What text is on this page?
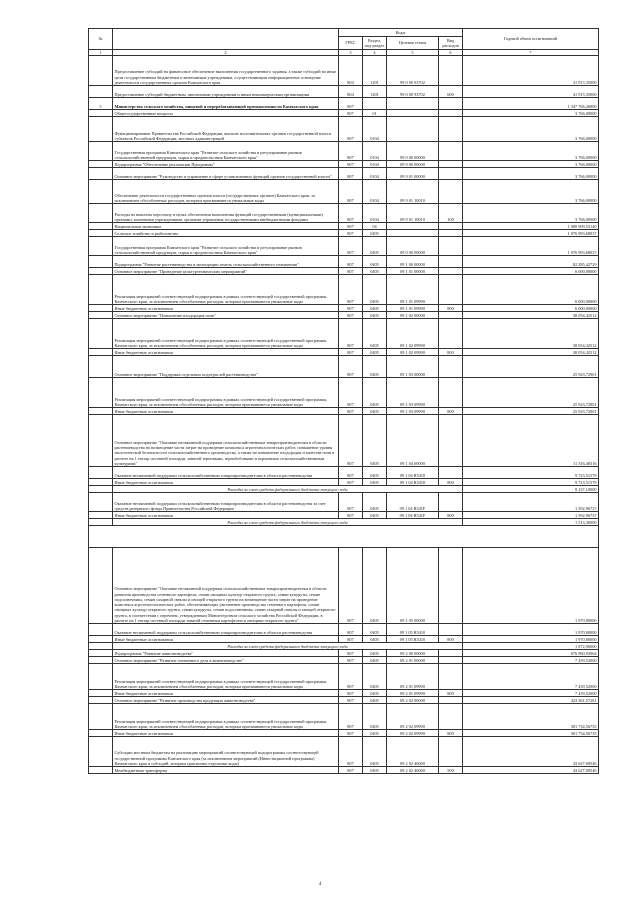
№		Коды				Годовой объем ассигнований
		ГРБС	Раздел, под-раздел	Целевая статья	Вид расходов	
1	2	3	4	5	6	7
	Предоставление субсидий на финансовое обеспечение выполнения государственного задания, а также субсидий на иные цели государственным бюджетным и автономным учреждениям, осуществляющим информационное освещение деятельности государственных органов Камчатского края	804	1201	99 0 00 93702		41 915,35000
	Предоставление субсидий бюджетным, автономным учреждениям и иным некоммерческим организациям	804	1201	99 0 00 93702	600	41 915,35000
5	Министерство сельского хозяйства, пищевой и перерабатывающей промышленности Камчатского края	807				1 347 766,26800
	Общегосударственные вопросы	807	01			3 766,00000
	Функционирование Правительства Российской Федерации, высших исполнительных органов государственной власти субъектов Российской Федерации, местных администраций	807	0104			3 766,00000
	Государственная программа Камчатского края "Развитие сельского хозяйства и регулирование рынков сельскохозяйственной продукции, сырья и продовольствия Камчатского края"	807	0104	09 0 00 00000		3 766,00000
	Подпрограмма "Обеспечение реализации Программы"	807	0104	09 9 00 00000		3 766,00000
	Основное мероприятие "Руководство и управление в сфере установленных функций органов государственной власти"	807	0104	09 9 01 00000		3 766,00000
	Обеспечение деятельности государственных органов власти (государственных органов) Камчатского края, за исключением обособленных расходов, которым присваиваются уникальные коды	807	0104	09 9 01 10010		3 766,00000
	Расходы на выплаты персоналу в целях обеспечения выполнения функций государственными (муниципальными) органами, казенными учреждениями, органами управления государственными внебюджетными фондами	807	0104	09 9 01 10010	100	3 766,00000
	Национальная экономика	807	04			1 080 909,53140
	Сельское хозяйство и рыболовство	807	0405			1 076 993,68037
	Государственная программа Камчатского края "Развитие сельского хозяйства и регулирование рынков сельскохозяйственной продукции, сырья и продовольствия Камчатского края"	807	0405	09 0 00 00000		1 076 993,68037
	Подпрограмма "Развитие растениеводства и мелиорации земель сельскохозяйственного назначения"	807	0405	09 1 00 00000		82 285,42729
	Основное мероприятие "Проведение культуртехнических мероприятий"	807	0405	09 1 01 00000		6 000,00000
	Реализация мероприятий соответствующей подпрограммы в рамках соответствующей государственной программы Камчатского края, за исключением обособленных расходов, которым присваиваются уникальные коды	807	0405	09 1 01 09990		6 000,00000
	Иные бюджетные ассигнования	807	0405	09 1 01 09990	800	6 000,00000
	Основное мероприятие "Повышение плодородия почв"	807	0405	09 1 02 00000		38 054,42512
	Реализация мероприятий соответствующей подпрограммы в рамках соответствующей государственной программы Камчатского края, за исключением обособленных расходов, которым присваиваются уникальные коды	807	0405	09 1 02 09990		38 054,42512
	Иные бюджетные ассигнования	807	0405	09 1 02 09990	800	38 054,42512
	Основное мероприятие "Поддержка отдельных подотраслей растениеводства"	807	0405	09 1 03 00000		25 923,72901
	Реализация мероприятий соответствующей подпрограммы в рамках соответствующей государственной программы Камчатского края, за исключением обособленных расходов, которым присваиваются уникальные коды	807	0405	09 1 03 09990		25 923,72901
	Иные бюджетные ассигнования	807	0405	09 1 03 09990	800	25 923,72901
	Основное мероприятие "Оказание несвязанной поддержки сельскохозяйственным товаропроизводителям в области растениеводства на возмещение части затрат на проведение комплекса агротехнологических работ, повышение уровня экологической безопасности сельскохозяйственного производства, а также на повышение плодородия и качества почв в расчете на 1 гектар посевной площади, занятой зерновыми, зернобобовыми и кормовыми сельскохозяйственными культурами"	807	0405	09 1 04 00000		11 316,48316
	Оказание несвязанной поддержки сельскохозяйственным товаропроизводителям в области растениеводства	807	0405	09 1 04 R5410		9 723,51579
	Иные бюджетные ассигнования	807	0405	09 1 04 R5410	800	9 723,51579
	Расходы за счет средств федерального бюджета текущего года					8 237,10000
	Оказание несвязанной поддержки сельскохозяйственным товаропроизводителям в области растениеводства за счет средств резервного фонда Правительства Российской Федерации	807	0405	09 1 04 R541F		1 592,96737
	Иные бюджетные ассигнования	807	0405	09 1 04 R541F	800	1 592,96737
	Расходы за счет средств федерального бюджета текущего года					1 513,30000

	Основное мероприятие "Оказание несвязанной поддержки сельскохозяйственным товаропроизводителям в области развития производства семенного картофеля, семян овощных культур открытого грунта, семян кукурузы, семян подсолнечника, семян сахарной свеклы и овощей открытого грунта на возмещение части затрат на проведение комплекса агротехнологических работ, обеспечивающих увеличение производства семенного картофеля, семян овощных культур открытого грунта, семян кукурузы, семян подсолнечника, семян сахарной свеклы и овощей открытого грунта, в соответствии с перечнем, утвержденным Министерством сельского хозяйства Российской Федерации, в расчете на 1 гектар посевной площади занятой семенным картофелем и овощами открытого грунта"	807	0405	09 1 05 00000		1 970,80000
	Оказание несвязанной поддержки сельскохозяйственным товаропроизводителям в области растениеводства	807	0405	09 1 05 R5410		1 970,80000
	Иные бюджетные ассигнования	807	0405	09 1 05 R5410	800	1 970,80000
	Расходы за счет средств федерального бюджета текущего года					1 872,96000
	Подпрограмма "Развитие животноводства"	807	0405	09 2 00 00000		676 960,93964
	Основное мероприятие "Развитие племенного дела в животноводстве"	807	0405	09 2 01 00000		7 439,52000
	Реализация мероприятий соответствующей подпрограммы в рамках соответствующей государственной программы Камчатского края, за исключением обособленных расходов, которым присваиваются уникальные коды	807	0405	09 2 01 09990		7 439,52000
	Иные бюджетные ассигнования	807	0405	09 2 01 09990	800	7 439,52000
	Основное мероприятие "Развитие производства продукции животноводства"	807	0405	09 2 02 00000		423 361,57281
	Реализация мероприятий соответствующей подпрограммы в рамках соответствующей государственной программы Камчатского края, за исключением обособленных расходов, которым присваиваются уникальные коды	807	0405	09 2 02 09990		381 734,56735
	Иные бюджетные ассигнования	807	0405	09 2 02 09990	800	381 734,56735
	Субсидии местным бюджетам на реализацию мероприятий соответствующей подпрограммы соответствующей государственной программы Камчатского края (за исключением мероприятий (Инвестиционной программы) Камчатского края и субсидий, которым присвоены отдельные коды)	807	0405	09 2 02 40060		43 627,00546
	Межбюджетные трансферты	807	0405	09 2 02 40060	500	43 627,00546
4
